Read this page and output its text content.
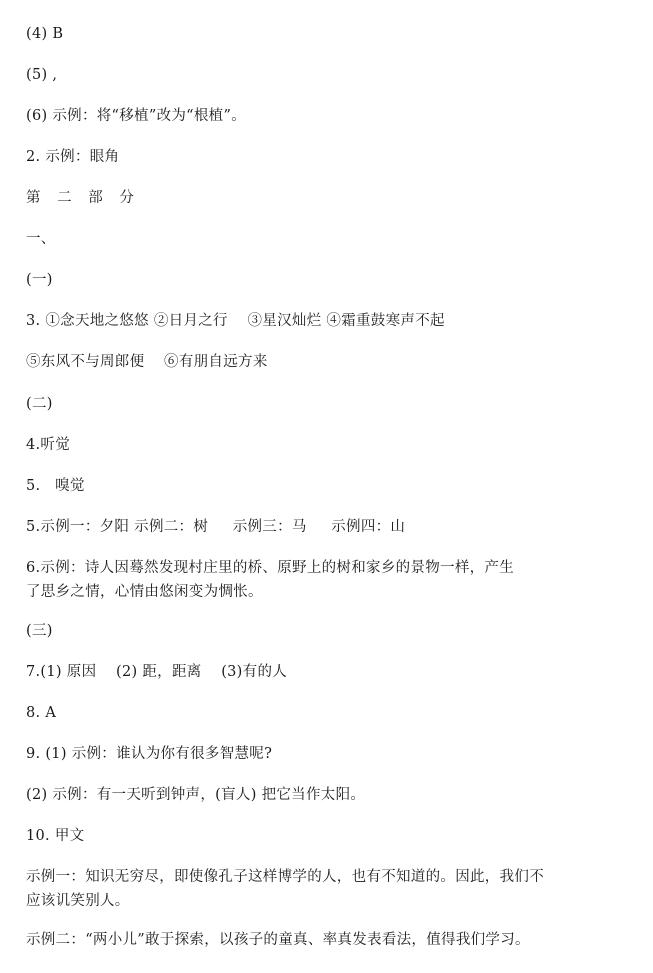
(4) B
(5) ,
(6) 示例：将“移植”改为“根植”。
2. 示例：眼角
第 二 部 分
一、
(一)
3. ①念天地之悠悠 ②日月之行    ③星汉灿烂 ④霜重鼓寒声不起
⑤东风不与周郎便    ⑥有朋自远方来
(二)
4.听觉
5.   嗅觉
5.示例一：夕阳 示例二：树     示例三：马     示例四：山
6.示例：诗人因蓦然发现村庄里的桥、原野上的树和家乡的景物一样，产生
了思乡之情，心情由悠闲变为惆怅。
(三)
7.(1) 原因    (2) 距，距离    (3)有的人
8. A
9. (1) 示例：谁认为你有很多智慧呢?
(2) 示例：有一天听到钟声，(盲人) 把它当作太阳。
10. 甲文
示例一：知识无穷尽，即使像孔子这样博学的人，也有不知道的。因此，我们不
应该讥笑别人。
示例二：“两小儿”敢于探索，以孩子的童真、率真发表看法，值得我们学习。
